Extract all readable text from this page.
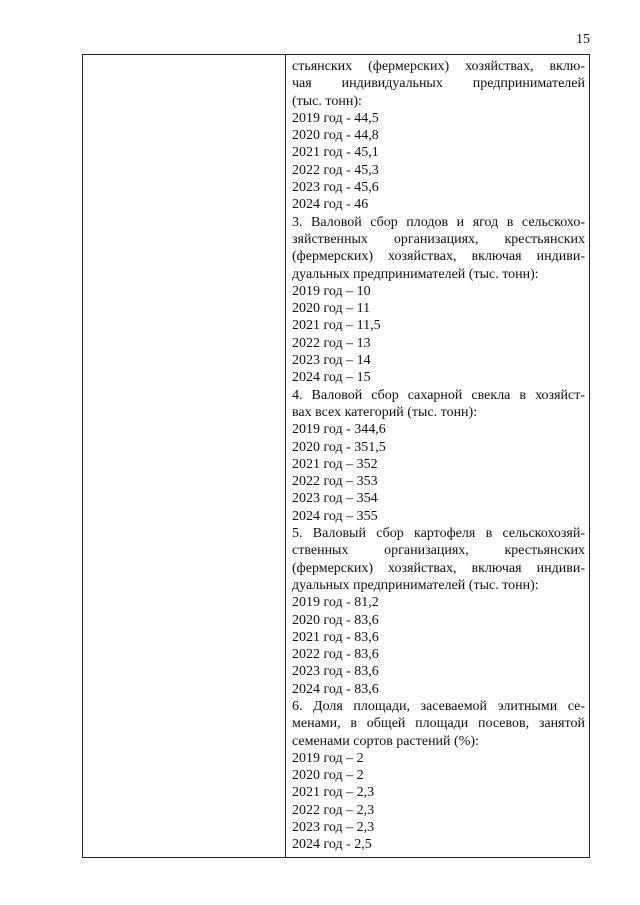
15
стьянских (фермерских) хозяйствах, вклю-
чая индивидуальных предпринимателей
(тыс. тонн):
2019 год - 44,5
2020 год - 44,8
2021 год - 45,1
2022 год - 45,3
2023 год - 45,6
2024 год - 46
3. Валовой сбор плодов и ягод в сельскохо-
зяйственных организациях, крестьянских
(фермерских) хозяйствах, включая индиви-
дуальных предпринимателей (тыс. тонн):
2019 год – 10
2020 год – 11
2021 год – 11,5
2022 год – 13
2023 год – 14
2024 год – 15
4. Валовой сбор сахарной свекла в хозяйст-
вах всех категорий (тыс. тонн):
2019 год - 344,6
2020 год - 351,5
2021 год – 352
2022 год – 353
2023 год – 354
2024 год – 355
5. Валовый сбор картофеля в сельскохозяй-
ственных организациях, крестьянских
(фермерских) хозяйствах, включая индиви-
дуальных предпринимателей (тыс. тонн):
2019 год - 81,2
2020 год - 83,6
2021 год - 83,6
2022 год - 83,6
2023 год - 83,6
2024 год - 83,6
6. Доля площади, засеваемой элитными се-
менами, в общей площади посевов, занятой
семенами сортов растений (%):
2019 год – 2
2020 год – 2
2021 год – 2,3
2022 год – 2,3
2023 год – 2,3
2024 год - 2,5
